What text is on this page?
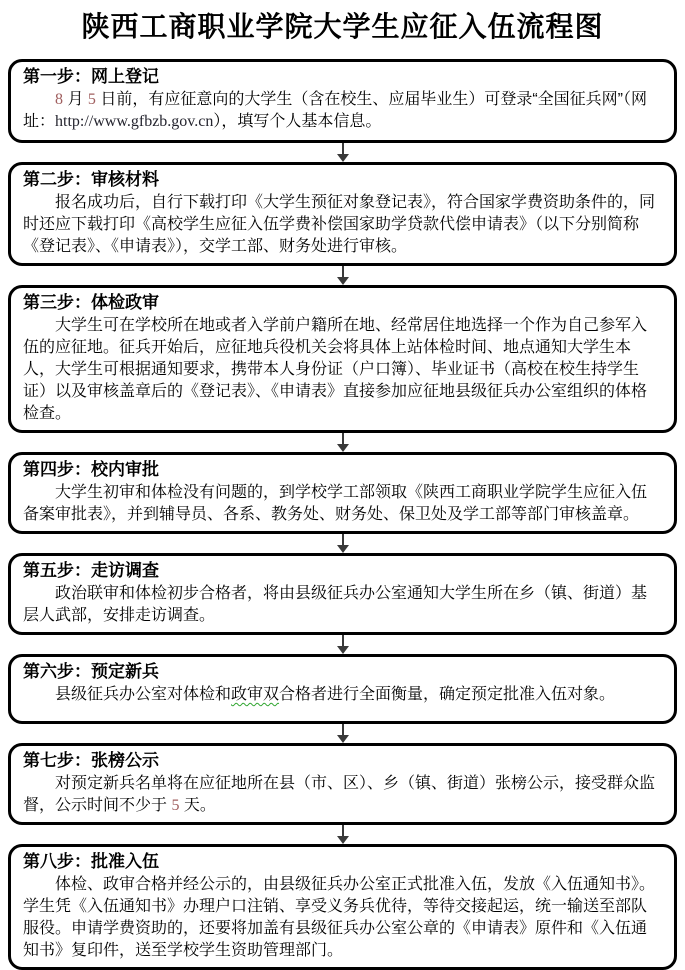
陕西工商职业学院大学生应征入伍流程图
第一步：网上登记

8 月 5 日前，有应征意向的大学生（含在校生、应届毕业生）可登录“全国征兵网”（网址：http://www.gfbzb.gov.cn），填写个人基本信息。

第二步：审核材料

报名成功后，自行下载打印《大学生预征对象登记表》，符合国家学费资助条件的，同时还应下载打印《高校学生应征入伍学费补偿国家助学贷款代偿申请表》（以下分别简称《登记表》、《申请表》），交学工部、财务处进行审核。

第三步：体检政审

大学生可在学校所在地或者入学前户籍所在地、经常居住地选择一个作为自己参军入伍的应征地。征兵开始后，应征地兵役机关会将具体上站体检时间、地点通知大学生本人，大学生可根据通知要求，携带本人身份证（户口簿）、毕业证书（高校在校生持学生证）以及审核盖章后的《登记表》、《申请表》直接参加应征地县级征兵办公室组织的体格检查。

第四步：校内审批

大学生初审和体检没有问题的，到学校学工部领取《陕西工商职业学院学生应征入伍备案审批表》，并到辅导员、各系、教务处、财务处、保卫处及学工部等部门审核盖章。

第五步：走访调查

政治联审和体检初步合格者，将由县级征兵办公室通知大学生所在乡（镇、街道）基层人武部，安排走访调查。

第六步：预定新兵

县级征兵办公室对体检和政审双合格者进行全面衡量，确定预定批准入伍对象。

第七步：张榜公示

对预定新兵名单将在应征地所在县（市、区）、乡（镇、街道）张榜公示，接受群众监督，公示时间不少于 5 天。

第八步：批准入伍

体检、政审合格并经公示的，由县级征兵办公室正式批准入伍，发放《入伍通知书》。学生凭《入伍通知书》办理户口注销、享受义务兵优待，等待交接起运，统一输送至部队服役。申请学费资助的，还要将加盖有县级征兵办公室公章的《申请表》原件和《入伍通知书》复印件，送至学校学生资助管理部门。
